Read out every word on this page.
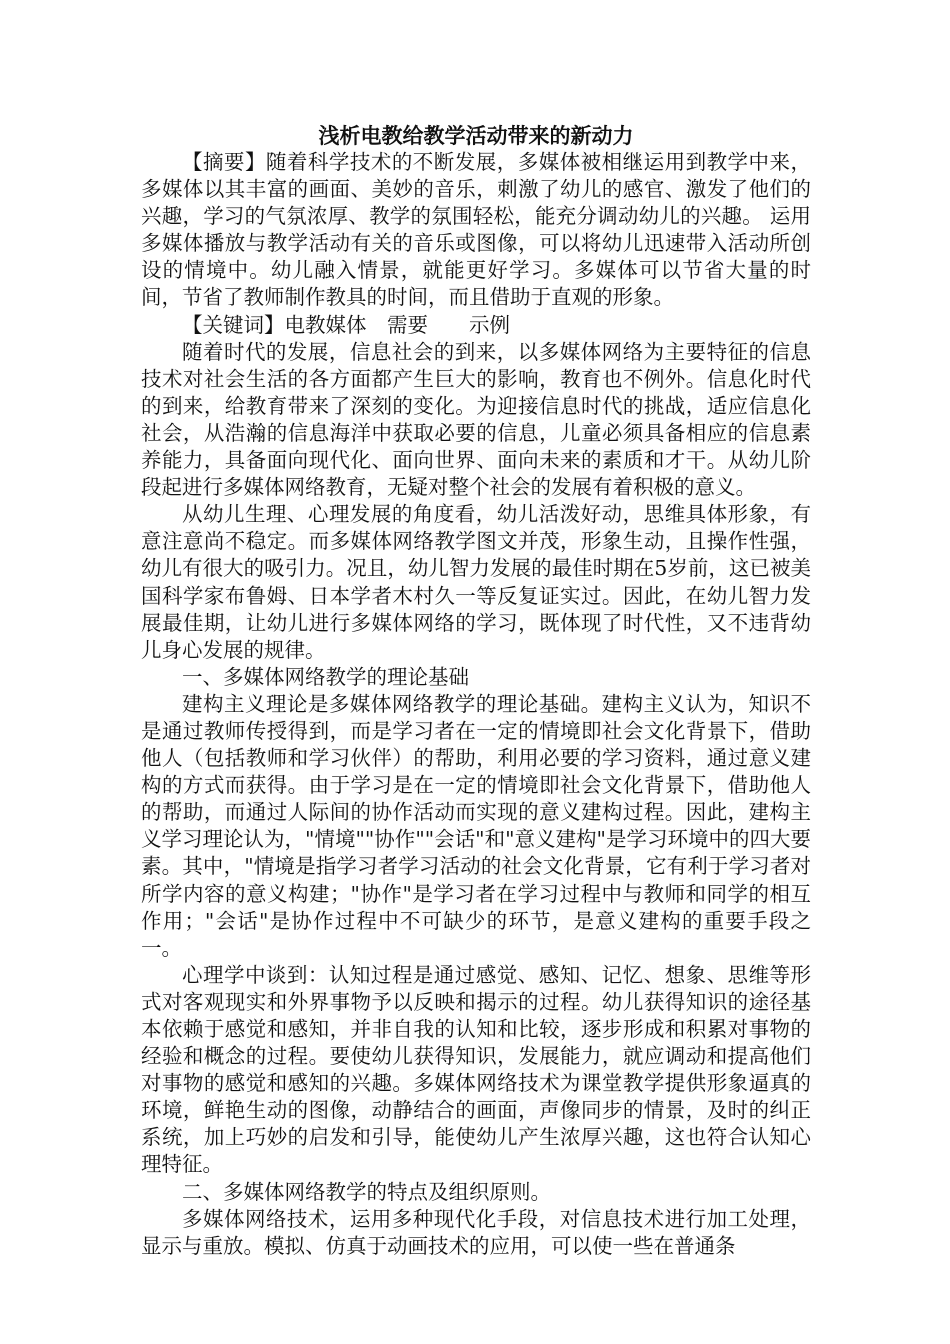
浅析电教给教学活动带来的新动力

【摘要】随着科学技术的不断发展，多媒体被相继运用到教学中来，多媒体以其丰富的画面、美妙的音乐，刺激了幼儿的感官、激发了他们的兴趣，学习的气氛浓厚、教学的氛围轻松，能充分调动幼儿的兴趣。 运用多媒体播放与教学活动有关的音乐或图像，可以将幼儿迅速带入活动所创设的情境中。幼儿融入情景，就能更好学习。多媒体可以节省大量的时间，节省了教师制作教具的时间，而且借助于直观的形象。

【关键词】电教媒体　需要　　示例

随着时代的发展，信息社会的到来，以多媒体网络为主要特征的信息技术对社会生活的各方面都产生巨大的影响，教育也不例外。信息化时代的到来，给教育带来了深刻的变化。为迎接信息时代的挑战，适应信息化社会，从浩瀚的信息海洋中获取必要的信息，儿童必须具备相应的信息素养能力，具备面向现代化、面向世界、面向未来的素质和才干。从幼儿阶段起进行多媒体网络教育，无疑对整个社会的发展有着积极的意义。

从幼儿生理、心理发展的角度看，幼儿活泼好动，思维具体形象，有意注意尚不稳定。而多媒体网络教学图文并茂，形象生动，且操作性强，幼儿有很大的吸引力。况且，幼儿智力发展的最佳时期在5岁前，这已被美国科学家布鲁姆、日本学者木村久一等反复证实过。因此，在幼儿智力发展最佳期，让幼儿进行多媒体网络的学习，既体现了时代性，又不违背幼儿身心发展的规律。

一、多媒体网络教学的理论基础

建构主义理论是多媒体网络教学的理论基础。建构主义认为，知识不是通过教师传授得到，而是学习者在一定的情境即社会文化背景下，借助他人（包括教师和学习伙伴）的帮助，利用必要的学习资料，通过意义建构的方式而获得。由于学习是在一定的情境即社会文化背景下，借助他人的帮助，而通过人际间的协作活动而实现的意义建构过程。因此，建构主义学习理论认为，"情境""协作""会话"和"意义建构"是学习环境中的四大要素。其中，"情境是指学习者学习活动的社会文化背景，它有利于学习者对所学内容的意义构建；"协作"是学习者在学习过程中与教师和同学的相互作用；"会话"是协作过程中不可缺少的环节，是意义建构的重要手段之一。

心理学中谈到：认知过程是通过感觉、感知、记忆、想象、思维等形式对客观现实和外界事物予以反映和揭示的过程。幼儿获得知识的途径基本依赖于感觉和感知，并非自我的认知和比较，逐步形成和积累对事物的经验和概念的过程。要使幼儿获得知识，发展能力，就应调动和提高他们对事物的感觉和感知的兴趣。多媒体网络技术为课堂教学提供形象逼真的环境，鲜艳生动的图像，动静结合的画面，声像同步的情景，及时的纠正系统，加上巧妙的启发和引导，能使幼儿产生浓厚兴趣，这也符合认知心理特征。

二、多媒体网络教学的特点及组织原则。

多媒体网络技术，运用多种现代化手段，对信息技术进行加工处理，显示与重放。模拟、仿真于动画技术的应用，可以使一些在普通条
